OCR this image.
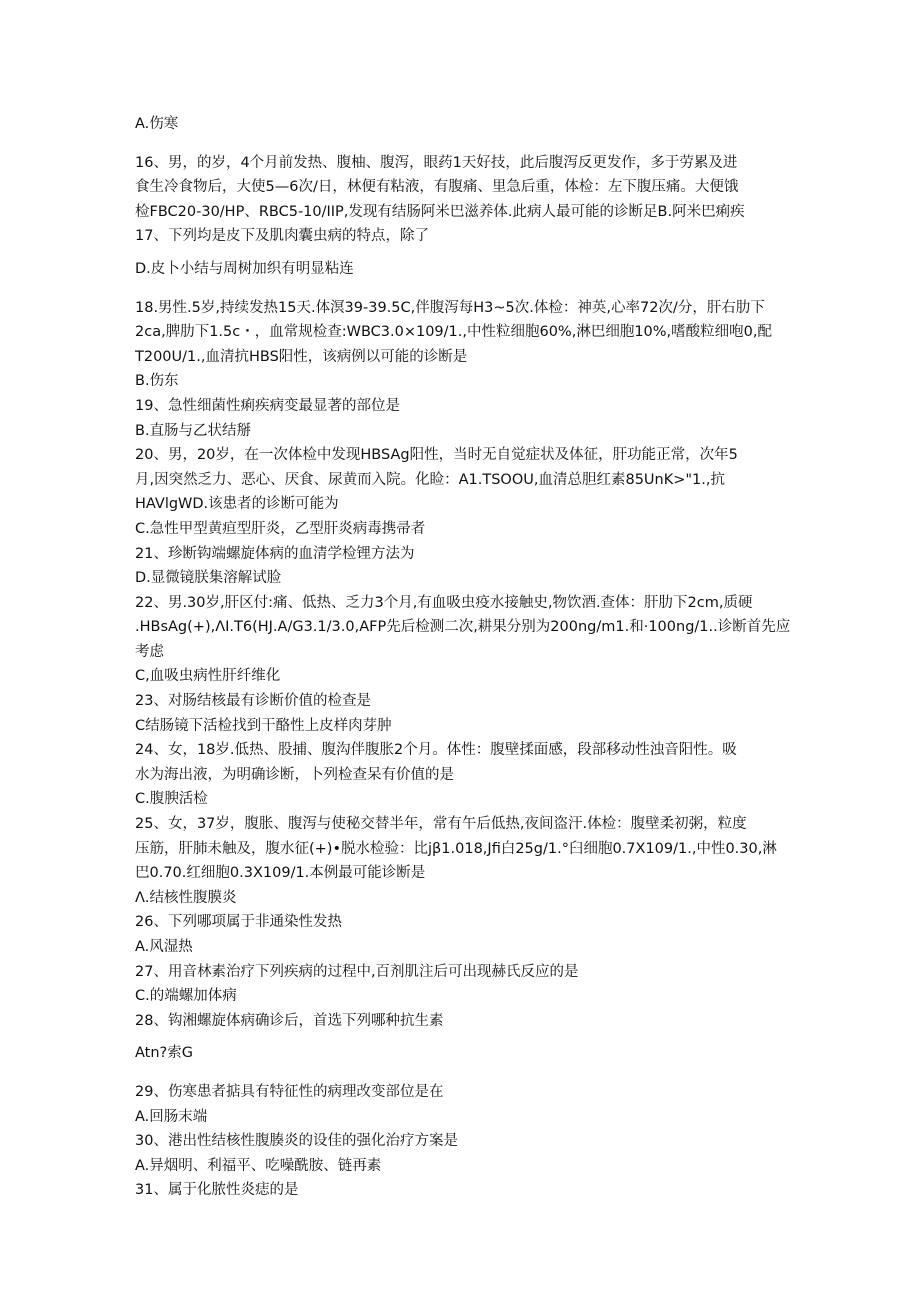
A.伤寒
16、男，的岁，4个月前发热、腹柚、腹泻，眼药1天好技，此后腹泻反更发作，多于劳累及进
食生冷食物后，大使5—6次/日，林便有粘液，有腹痛、里急后重，体检：左下腹压痛。大便饿
检FBC20-30/HP、RBC5-10/IIP,发现有结肠阿米巴滋养体.此病人最可能的诊断足B.阿米巴痢疾
17、下列均是皮下及肌肉囊虫病的特点，除了
D.皮卜小结与周树加织有明显粘连
18.男性.5岁,持续发热15天.体溟39-39.5C,伴腹泻每H3~5次.体检：神英,心率72次/分，肝右肋下
2ca,脾肋下1.5c・，血常规检查:WBC3.0×109/1.,中性粒细胞60%,淋巴细胞10%,嗜酸粒细咆0,配
T200U/1.,血清抗HBS阳性，该病例以可能的诊断是
B.伤东
19、急性细菌性痢疾病变最显著的部位是
B.直肠与乙状结掰
20、男，20岁，在一次体检中发现HBSAg阳性，当时无自觉症状及体征，肝功能正常，次年5
月,因突然乏力、恶心、厌食、尿黄而入院。化睑：A1.TSOOU,血清总胆红素85UnK>"1.,抗
HAVlgWD.该患者的诊断可能为
C.急性甲型黄疸型肝炎，乙型肝炎病毒携帚者
21、珍断钩端螺旋体病的血清学检锂方法为
D.显微镜朕集溶解试脸
22、男.30岁,肝区付:痛、低热、乏力3个月,有血吸虫疫水接触史,物饮酒.查体：肝肋下2cm,质硬
.HBsAg(+),ΛI.T6(HJ.A/G3.1/3.0,AFP先后检测二次,耕果分别为200ng∕m1.和·100ng∕1..诊断首先应
考虑
C,血吸虫病性肝纤维化
23、对肠结核最有诊断价值的检查是
C结肠镜下活检找到干酪性上皮样肉芽肿
24、女，18岁.低热、股捕、腹沟伴腹胀2个月。体性：腹壁揉面感，段部移动性浊音阳性。吸
水为海出液，为明确诊断，卜列检查呆有价值的是
C.腹腴活检
25、女，37岁，腹胀、腹泻与使秘交替半年，常有午后低热,夜间盗汗.体检：腹壁柔初粥，粒度
压筋，肝肺未触及，腹水征(+)•脱水检验：比jβ1.018,Jfi白25g∕1.°臼细胞0.7X109/1.,中性0.30,淋
巴0.70.红细胞0.3X109/1.本例最可能诊断是
Λ.结核性腹膜炎
26、下列哪项属于非通染性发热
A.风湿热
27、用音林素治疗下列疾病的过程中,百剂肌注后可出现赫氏反应的是
C.的端螺加体病
28、钩湘螺旋体病确诊后，首选下列哪种抗生素
Atn?索G
29、伤寒患者掂具有特征性的病理改变部位是在
A.回肠末端
30、港出性结核性腹腠炎的设佳的强化治疗方案是
A.异烟明、利福平、吃噪酰胺、链再素
31、属于化脓性炎痣的是
